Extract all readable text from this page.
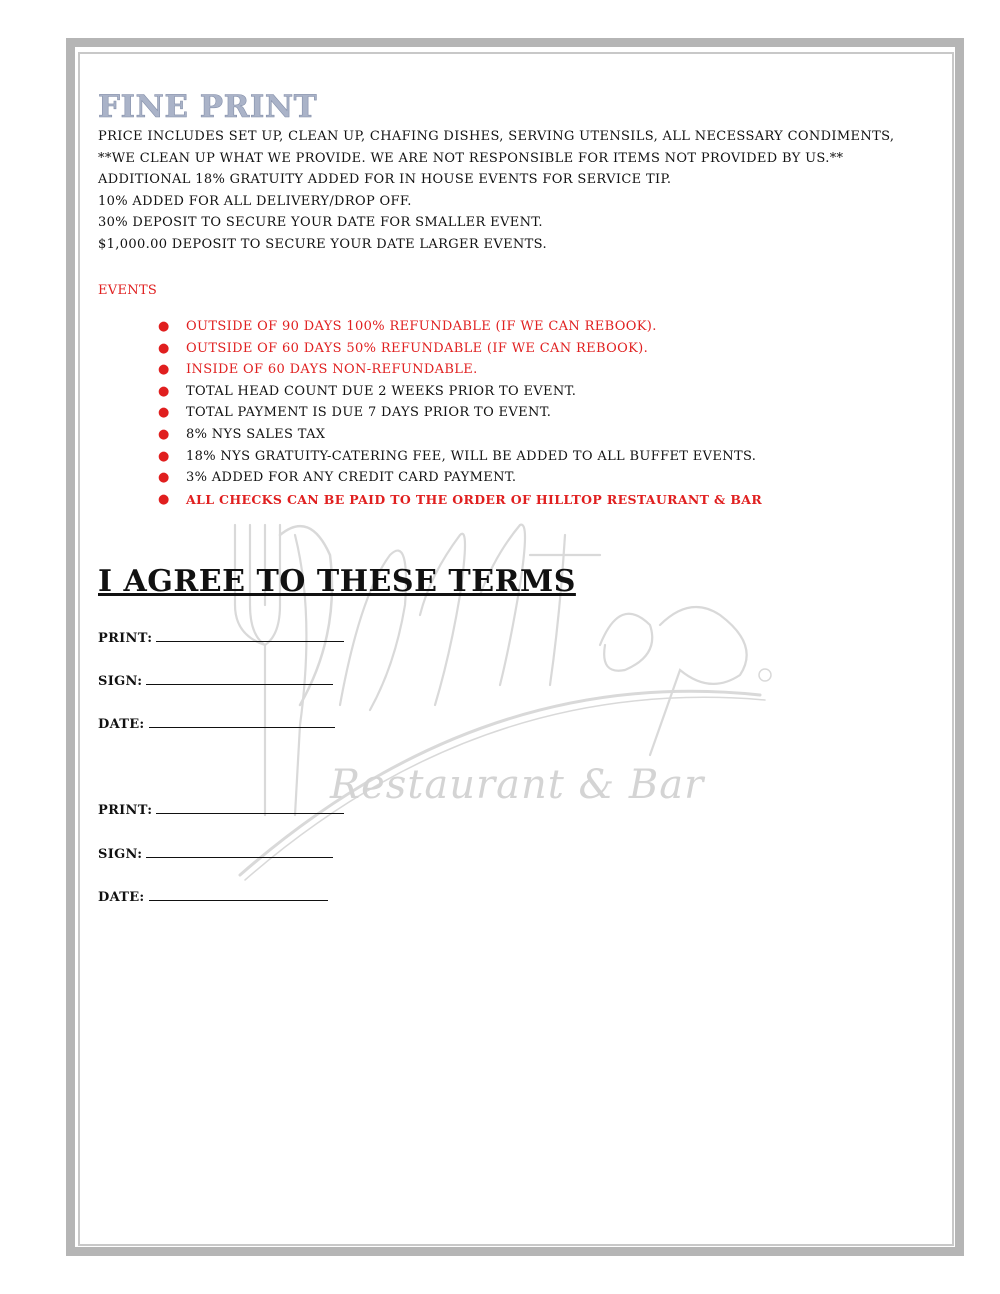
FINE PRINT
PRICE INCLUDES SET UP, CLEAN UP, CHAFING DISHES, SERVING UTENSILS, ALL NECESSARY CONDIMENTS,
**WE CLEAN UP WHAT WE PROVIDE. WE ARE NOT RESPONSIBLE FOR ITEMS NOT PROVIDED BY US.**
ADDITIONAL 18% GRATUITY ADDED FOR IN HOUSE EVENTS FOR SERVICE TIP.
10% ADDED FOR ALL DELIVERY/DROP OFF.
30% DEPOSIT TO SECURE YOUR DATE FOR SMALLER EVENT.
$1,000.00 DEPOSIT TO SECURE YOUR DATE LARGER EVENTS.
EVENTS
● OUTSIDE OF 90 DAYS 100% REFUNDABLE (IF WE CAN REBOOK).
● OUTSIDE OF 60 DAYS 50% REFUNDABLE (IF WE CAN REBOOK).
● INSIDE OF 60 DAYS NON-REFUNDABLE.
● TOTAL HEAD COUNT DUE 2 WEEKS PRIOR TO EVENT.
● TOTAL PAYMENT IS DUE 7 DAYS PRIOR TO EVENT.
● 8% NYS SALES TAX
● 18% NYS GRATUITY-CATERING FEE, WILL BE ADDED TO ALL BUFFET EVENTS.
● 3% ADDED FOR ANY CREDIT CARD PAYMENT.
● ALL CHECKS CAN BE PAID TO THE ORDER OF HILLTOP RESTAURANT & BAR
I AGREE TO THESE TERMS
PRINT:
SIGN:
DATE:
PRINT:
SIGN:
DATE:
Restaurant & Bar
